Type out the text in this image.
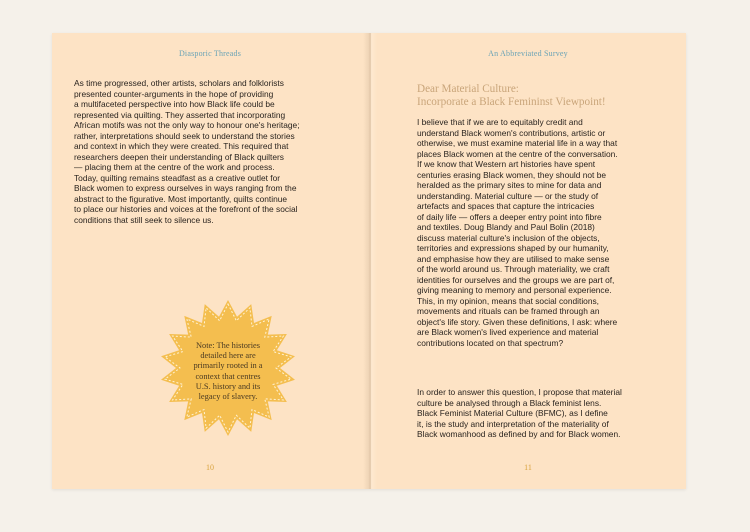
Diasporic Threads

As time progressed, other artists, scholars and folklorists
presented counter-arguments in the hope of providing
a multifaceted perspective into how Black life could be
represented via quilting. They asserted that incorporating
African motifs was not the only way to honour one's heritage;
rather, interpretations should seek to understand the stories
and context in which they were created. This required that
researchers deepen their understanding of Black quilters
— placing them at the centre of the work and process.
Today, quilting remains steadfast as a creative outlet for
Black women to express ourselves in ways ranging from the
abstract to the figurative. Most importantly, quilts continue
to place our histories and voices at the forefront of the social
conditions that still seek to silence us.

Note: The histories
detailed here are
primarily rooted in a
context that centres
U.S. history and its
legacy of slavery.
10
An Abbreviated Survey
Dear Material Culture:
Incorporate a Black Femininst Viewpoint!

I believe that if we are to equitably credit and
understand Black women's contributions, artistic or
otherwise, we must examine material life in a way that
places Black women at the centre of the conversation.
If we know that Western art histories have spent
centuries erasing Black women, they should not be
heralded as the primary sites to mine for data and
understanding. Material culture — or the study of
artefacts and spaces that capture the intricacies
of daily life — offers a deeper entry point into fibre
and textiles. Doug Blandy and Paul Bolin (2018)
discuss material culture's inclusion of the objects,
territories and expressions shaped by our humanity,
and emphasise how they are utilised to make sense
of the world around us. Through materiality, we craft
identities for ourselves and the groups we are part of,
giving meaning to memory and personal experience.
This, in my opinion, means that social conditions,
movements and rituals can be framed through an
object's life story. Given these definitions, I ask: where
are Black women's lived experience and material
contributions located on that spectrum?

In order to answer this question, I propose that material
culture be analysed through a Black feminist lens.
Black Feminist Material Culture (BFMC), as I define
it, is the study and interpretation of the materiality of
Black womanhood as defined by and for Black women.

11
